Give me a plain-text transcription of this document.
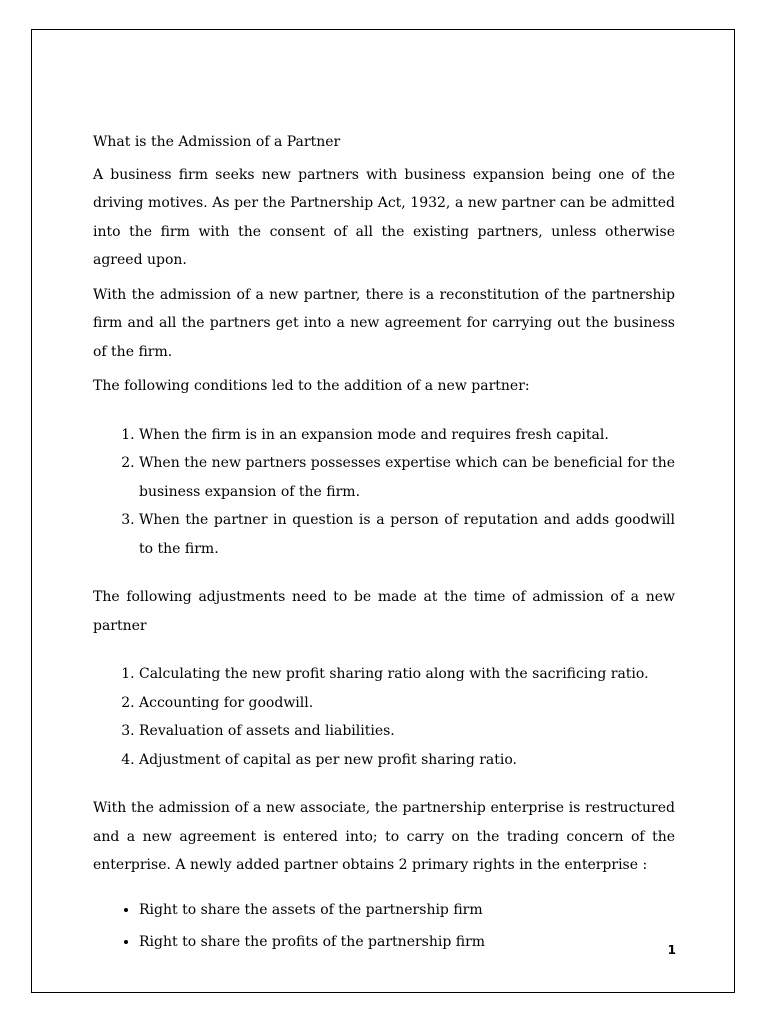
What is the Admission of a Partner

A business firm seeks new partners with business expansion being one of the driving motives. As per the Partnership Act, 1932, a new partner can be admitted into the firm with the consent of all the existing partners, unless otherwise agreed upon.

With the admission of a new partner, there is a reconstitution of the partnership firm and all the partners get into a new agreement for carrying out the business of the firm.

The following conditions led to the addition of a new partner:

1. When the firm is in an expansion mode and requires fresh capital.
2. When the new partners possesses expertise which can be beneficial for the business expansion of the firm.
3. When the partner in question is a person of reputation and adds goodwill to the firm.

The following adjustments need to be made at the time of admission of a new partner

1. Calculating the new profit sharing ratio along with the sacrificing ratio.
2. Accounting for goodwill.
3. Revaluation of assets and liabilities.
4. Adjustment of capital as per new profit sharing ratio.

With the admission of a new associate, the partnership enterprise is restructured and a new agreement is entered into; to carry on the trading concern of the enterprise. A newly added partner obtains 2 primary rights in the enterprise :

• Right to share the assets of the partnership firm
• Right to share the profits of the partnership firm	1
